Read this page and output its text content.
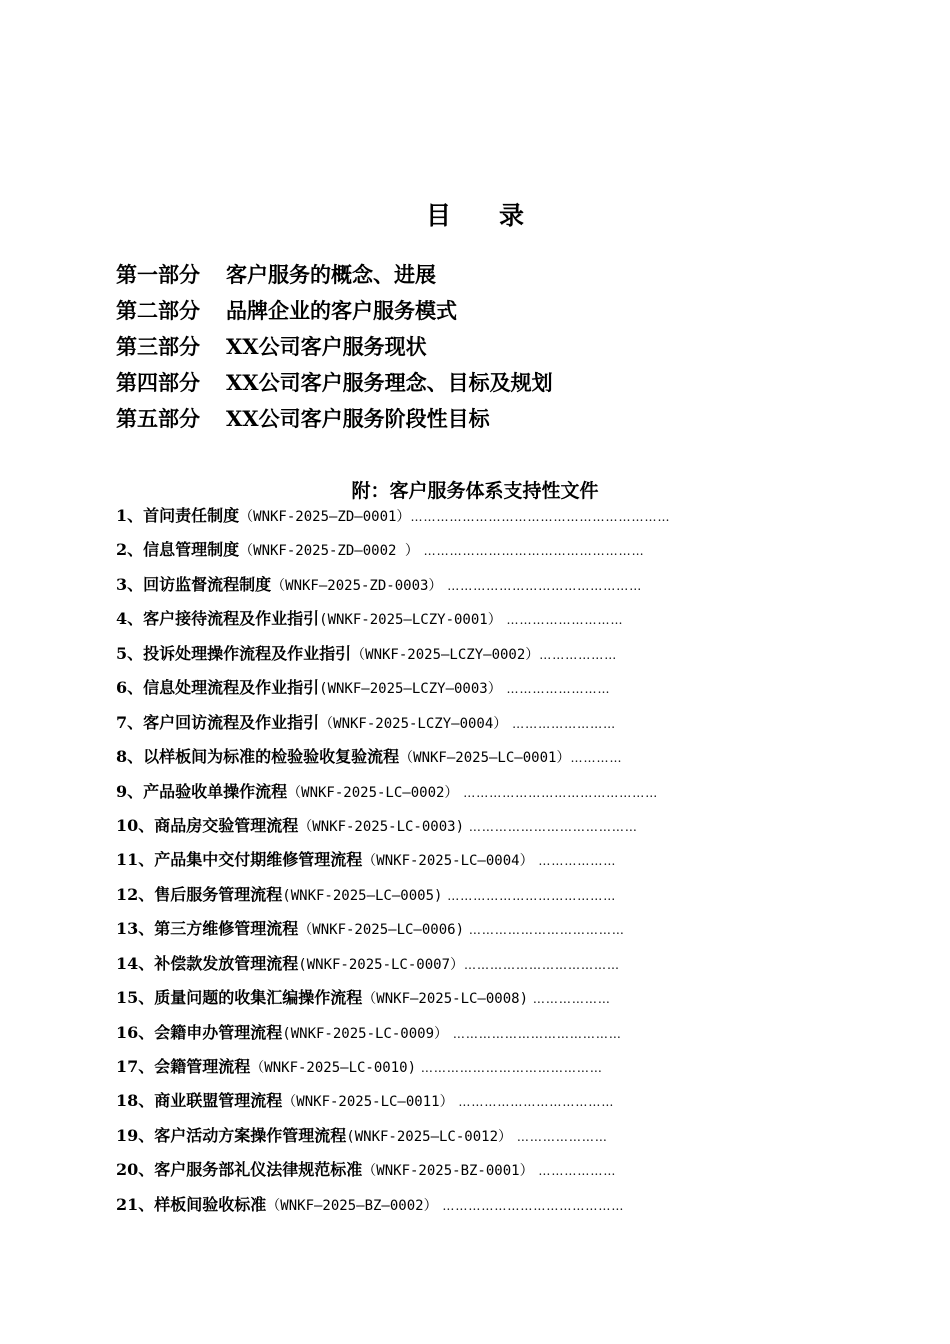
目 录
第一部分 客户服务的概念、进展
第二部分 品牌企业的客户服务模式
第三部分 XX公司客户服务现状
第四部分 XX公司客户服务理念、目标及规划
第五部分 XX公司客户服务阶段性目标
附：客户服务体系支持性文件
1、首问责任制度（WNKF-2025—ZD—0001）……………………………………………………
2、信息管理制度（WNKF-2025-ZD—0002 ） ……………………………………………
3、回访监督流程制度（WNKF—2025-ZD-0003） ………………………………………
4、客户接待流程及作业指引(WNKF-2025—LCZY-0001） ………………………
5、投诉处理操作流程及作业指引（WNKF-2025—LCZY—0002）………………
6、信息处理流程及作业指引(WNKF—2025—LCZY—0003） ……………………
7、客户回访流程及作业指引（WNKF-2025-LCZY—0004） ……………………
8、以样板间为标准的检验验收复验流程（WNKF—2025—LC—0001）…………
9、产品验收单操作流程（WNKF-2025-LC—0002） ………………………………………
10、商品房交验管理流程（WNKF-2025-LC-0003) …………………………………
11、产品集中交付期维修管理流程（WNKF-2025-LC—0004） ………………
12、售后服务管理流程(WNKF-2025—LC—0005) …………………………………
13、第三方维修管理流程（WNKF-2025—LC—0006) ………………………………
14、补偿款发放管理流程(WNKF-2025-LC-0007）………………………………
15、质量问题的收集汇编操作流程（WNKF—2025-LC—0008) ………………
16、会籍申办管理流程(WNKF-2025-LC-0009） …………………………………
17、会籍管理流程（WNKF-2025—LC-0010) ……………………………………
18、商业联盟管理流程（WNKF-2025-LC—0011） ………………………………
19、客户活动方案操作管理流程(WNKF-2025—LC-0012） …………………
20、客户服务部礼仪法律规范标准（WNKF-2025-BZ-0001） ………………
21、样板间验收标准（WNKF—2025—BZ—0002） ……………………………………
